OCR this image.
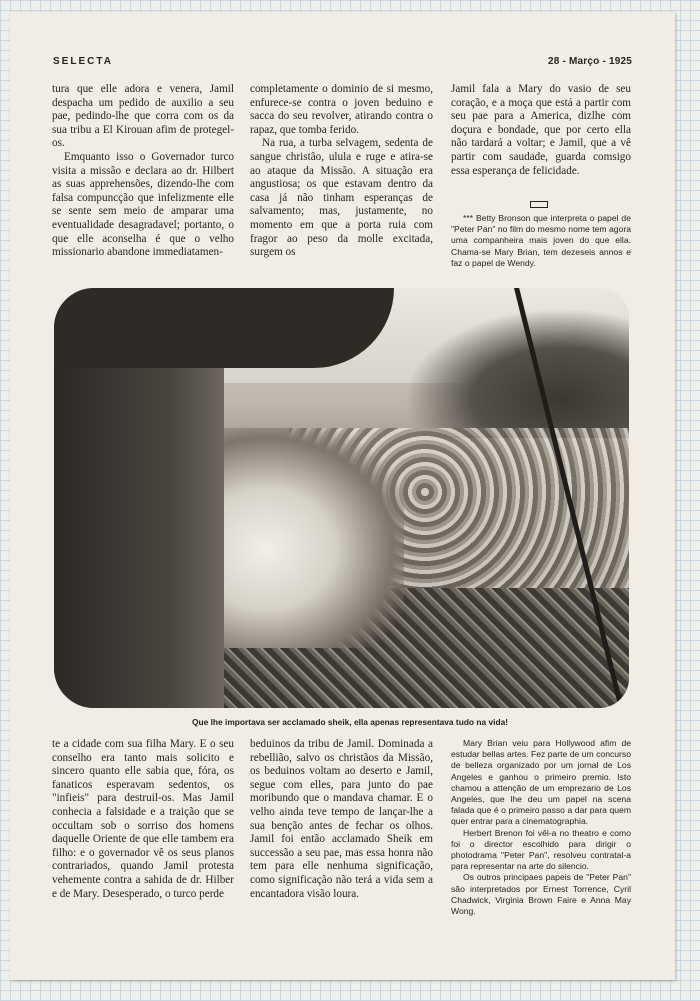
SELECTA	28 - Março - 1925

tura que elle adora e venera, Jamil despacha um pedido de auxilio a seu pae, pedindo-lhe que corra com os da sua tribu a El Kirouan afim de protegel-os.

Emquanto isso o Governador turco visita a missão e declara ao dr. Hilbert as suas apprehensões, dizendo-lhe com falsa compuncção que infelizmente elle se sente sem meio de amparar uma eventualidade desagradavel; portanto, o que elle aconselha é que o velho missionario abandone immediatamen-

completamente o dominio de si mesmo, enfurece-se contra o joven beduino e sacca do seu revolver, atirando contra o rapaz, que tomba ferido.

Na rua, a turba selvagem, sedenta de sangue christão, ulula e ruge e atira-se ao ataque da Missão. A situação era angustiosa; os que estavam dentro da casa já não tinham esperanças de salvamento; mas, justamente, no momento em que a porta ruia com fragor ao peso da molle excitada, surgem os

Jamil fala a Mary do vasio de seu coração, e a moça que está a partir com seu pae para a America, dizlhe com doçura e bondade, que por certo ella não tardará a voltar; e Jamil, que a vê partir com saudade, guarda comsigo essa esperança de felicidade.

*** Betty Bronson que interpreta o papel de "Peter Pan" no film do mesmo nome tem agora uma companheira mais joven do que ella. Chama-se Mary Brian, tem dezeseis annos e faz o papel de Wendy.

Que lhe importava ser acclamado sheik, ella apenas representava tudo na vida!

te a cidade com sua filha Mary. E o seu conselho era tanto mais solicito e sincero quanto elle sabia que, fóra, os fanaticos esperavam sedentos, os "infieis" para destruil-os. Mas Jamil conhecia a falsidade e a traição que se occultam sob o sorriso dos homens daquelle Oriente de que elle tambem era filho: e o governador vê os seus planos contrariados, quando Jamil protesta vehemente contra a sahida de dr. Hilber e de Mary. Desesperado, o turco perde

beduinos da tribu de Jamil. Dominada a rebellião, salvo os christãos da Missão, os beduinos voltam ao deserto e Jamil, segue com elles, para junto do pae moribundo que o mandava chamar. E o velho ainda teve tempo de lançar-lhe a sua benção antes de fechar os olhos. Jamil foi então acclamado Sheik em successão a seu pae, mas essa honra não tem para elle nenhuma significação, como significação não terá a vida sem a encantadora visão loura.

Mary Brian veiu para Hollywood afim de estudar bellas artes. Fez parte de um concurso de belleza organizado por um jornal de Los Angeles e ganhou o primeiro premio. Isto chamou a attenção de um emprezario de Los Angeles, que lhe deu um papel na scena falada que é o primeiro passo a dar para quem quer entrar para a cinematographia.

Herbert Brenon foi vêl-a no theatro e como foi o director escolhido para dirigir o photodrama "Peter Pan", resolveu contratal-a para representar na arte do silencio.

Os outros principaes papeis de "Peter Pan" são interpretados por Ernest Torrence, Cyril Chadwick, Virginia Brown Faire e Anna May Wong.
